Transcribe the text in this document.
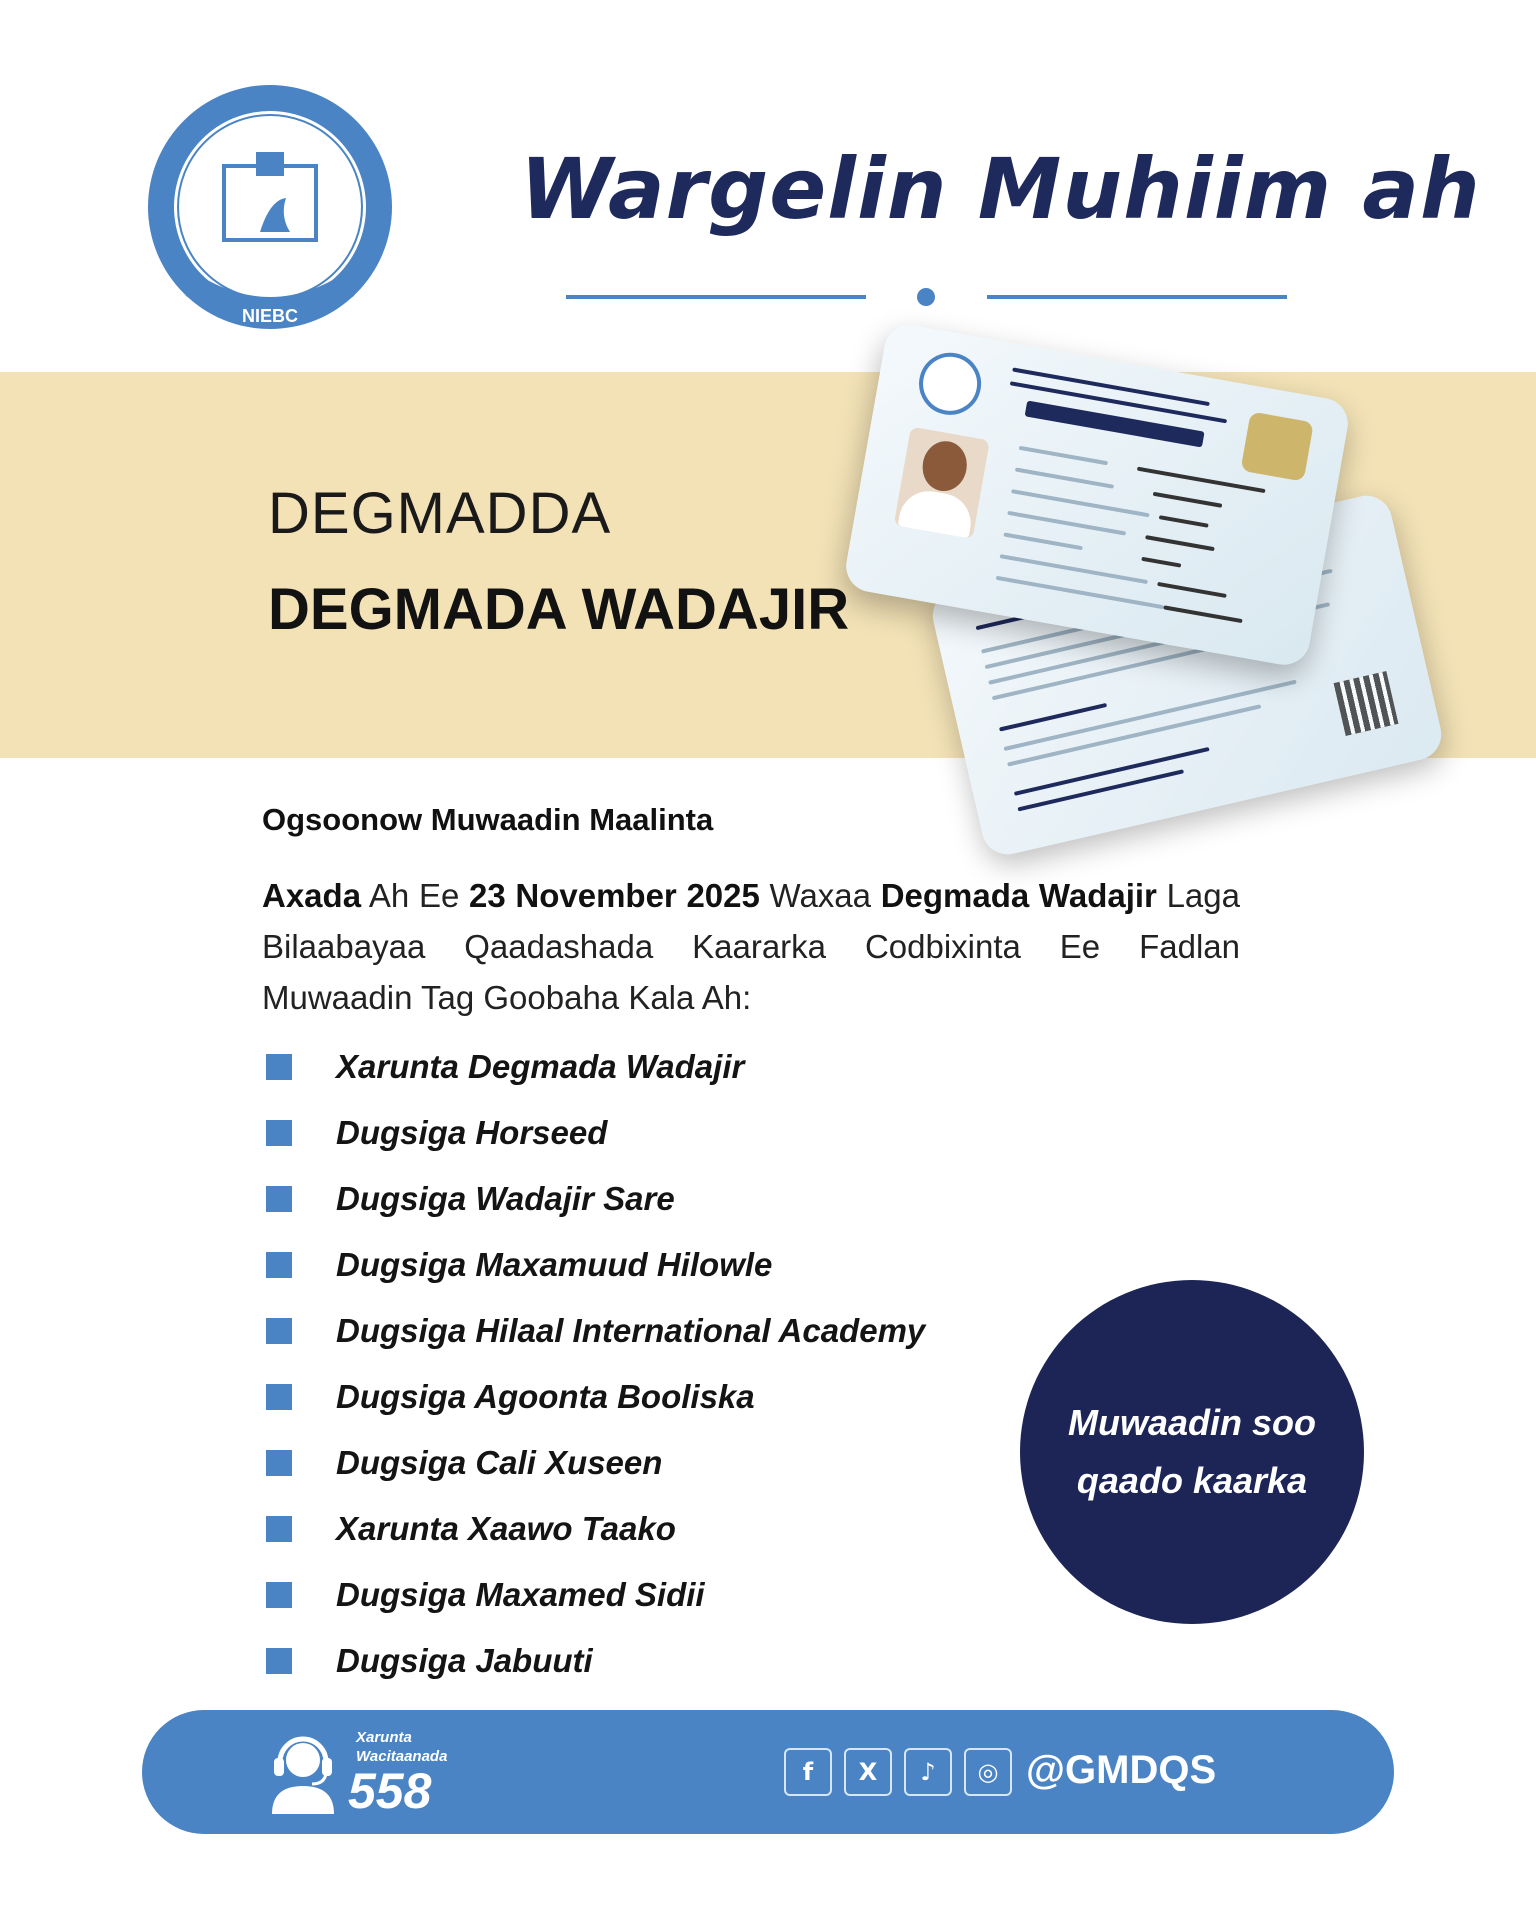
NIEBC
Wargelin Muhiim ah
DEGMADDA
DEGMADA WADAJIR
Ogsoonow Muwaadin Maalinta
Axada Ah Ee 23 November 2025 Waxaa Degmada Wadajir Laga Bilaabayaa Qaadashada Kaararka Codbixinta Ee Fadlan Muwaadin Tag Goobaha Kala Ah:
Xarunta Degmada Wadajir
Dugsiga Horseed
Dugsiga Wadajir Sare
Dugsiga Maxamuud Hilowle
Dugsiga Hilaal International Academy
Dugsiga Agoonta Booliska
Dugsiga Cali Xuseen
Xarunta Xaawo Taako
Dugsiga Maxamed Sidii
Dugsiga Jabuuti
Muwaadin soo qaado kaarka
Xarunta
Wacitaanada
558	f	X	♪	◎ @GMDQS
